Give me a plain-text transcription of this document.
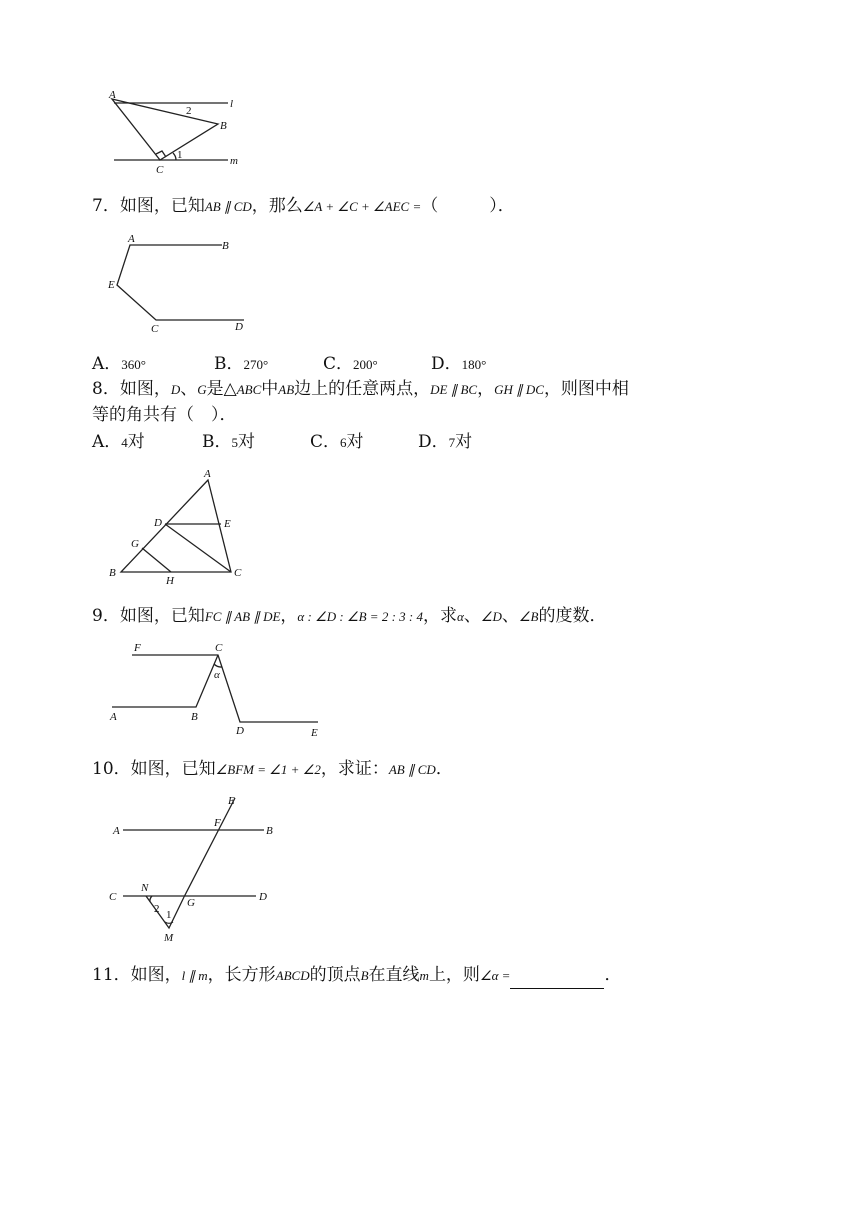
A
B
C
l
m
2
1
7．如图，已知AB ∥ CD，那么∠A + ∠C + ∠AEC =（　　　）．
A
B
E
C	D
A．360°	B．270°	C．200°	D．180°
8．如图，D、G是△ABC中AB边上的任意两点，DE ∥ BC，GH ∥ DC，则图中相
等的角共有（　）．
A．4对	B．5对	C．6对	D．7对
A
D	E
G
B
H
C
9．如图，已知FC ∥ AB ∥ DE，α : ∠D : ∠B = 2 : 3 : 4，求α、∠D、∠B的度数．
F	C
α
A	B
D	E
10．如图，已知∠BFM = ∠1 + ∠2，求证：AB ∥ CD．
E
A
F
B
C
N
G	D
M
2 1
11．如图，l ∥ m，长方形ABCD的顶点B在直线m上，则∠α =	．
